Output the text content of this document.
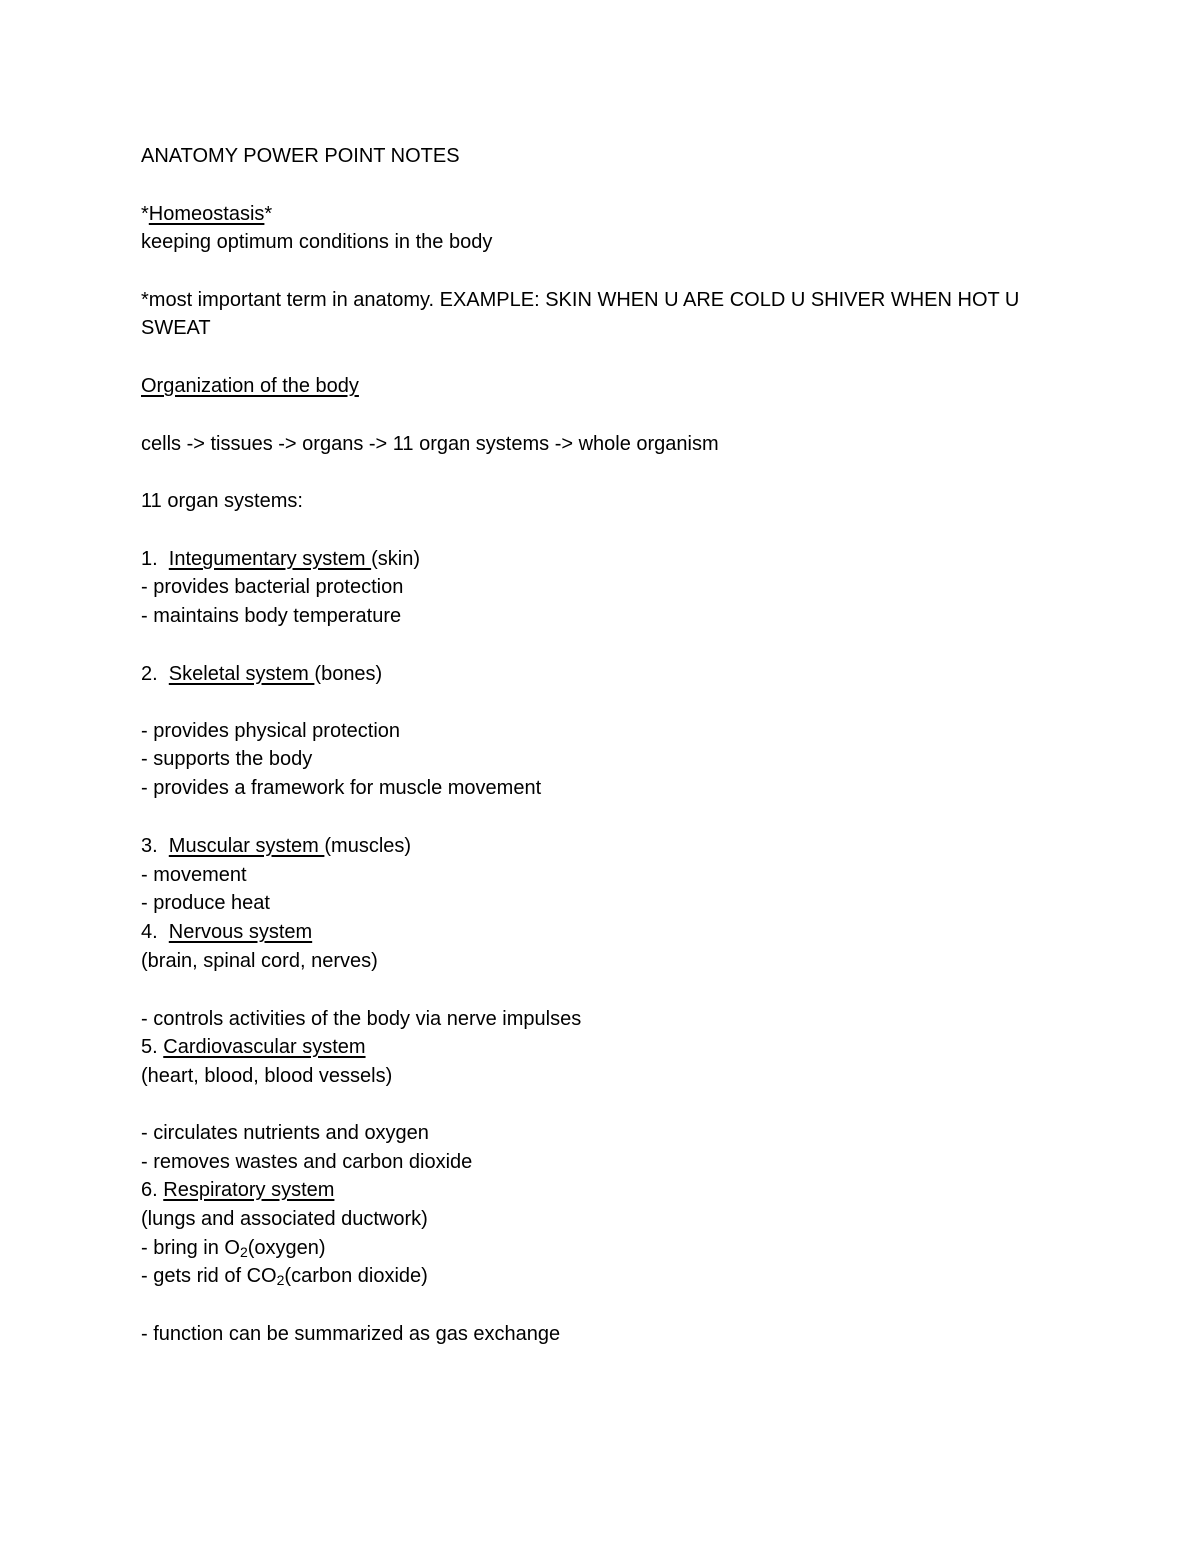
ANATOMY POWER POINT NOTES
*Homeostasis*
keeping optimum conditions in the body
*most important term in anatomy. EXAMPLE: SKIN WHEN U ARE COLD U SHIVER WHEN HOT U
SWEAT
Organization of the body
cells -> tissues -> organs -> 11 organ systems -> whole organism
11 organ systems:
1.  Integumentary system (skin)
- provides bacterial protection
- maintains body temperature
2.  Skeletal system (bones)
- provides physical protection
- supports the body
- provides a framework for muscle movement
3.  Muscular system (muscles)
- movement
- produce heat
4.  Nervous system
(brain, spinal cord, nerves)
- controls activities of the body via nerve impulses
5. Cardiovascular system
(heart, blood, blood vessels)
- circulates nutrients and oxygen
- removes wastes and carbon dioxide
6. Respiratory system
(lungs and associated ductwork)
- bring in $O_2(oxygen)$
- gets rid of $CO_2(carbon$ dioxide)
- function can be summarized as gas exchange
